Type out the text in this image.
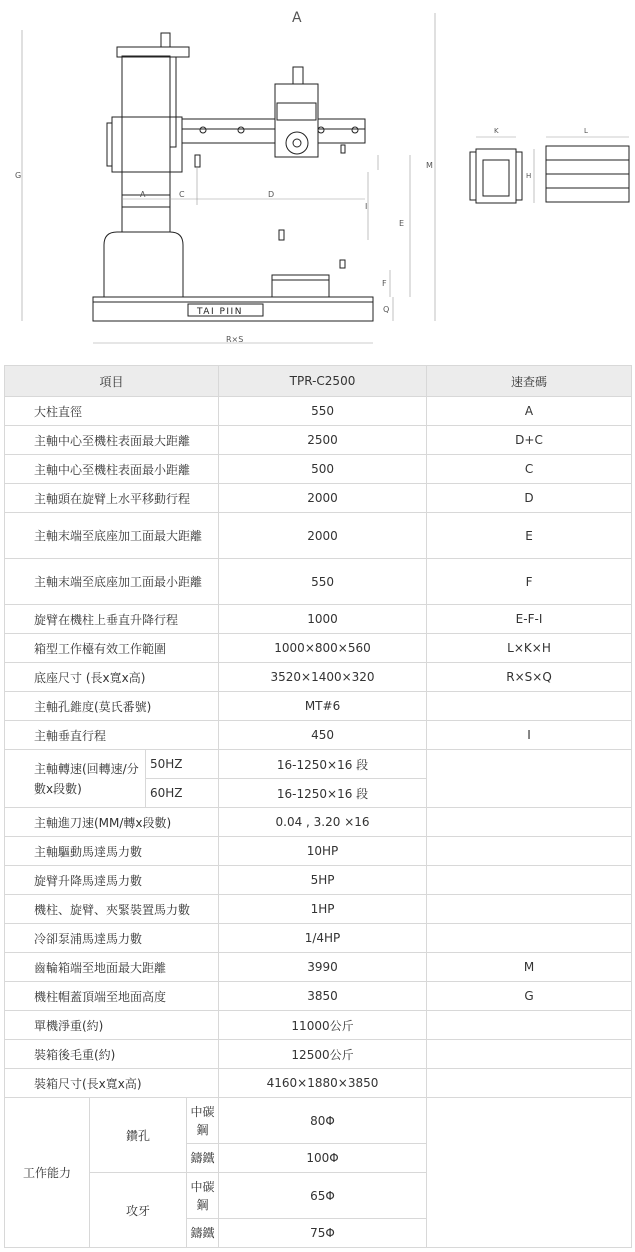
A
G
M
A	C	D
E
I
F
Q
R×S
TAI PIIN
K	L
H
項目				TPR-C2500	速查碼
大柱直徑				550	A
主軸中心至機柱表面最大距離				2500	D+C
主軸中心至機柱表面最小距離				500	C
主軸頭在旋臂上水平移動行程				2000	D
主軸末端至底座加工面最大距離				2000	E
主軸末端至底座加工面最小距離				550	F
旋臂在機柱上垂直升降行程				1000	E-F-I
箱型工作檯有效工作範圍				1000×800×560	L×K×H
底座尺寸 (長x寬x高)				3520×1400×320	R×S×Q
主軸孔錐度(莫氏番號)				MT#6	
主軸垂直行程				450	I
主軸轉速(回轉速/分數x段數)		50HZ		16-1250×16 段	
		60HZ		16-1250×16 段	
主軸進刀速(MM/轉x段數)				0.04 , 3.20 ×16	
主軸驅動馬達馬力數				10HP	
旋臂升降馬達馬力數				5HP	
機柱、旋臂、夾緊裝置馬力數				1HP	
冷卻泵浦馬達馬力數				1/4HP	
齒輪箱端至地面最大距離				3990	M
機柱帽蓋頂端至地面高度				3850	G
單機淨重(約)				11000公斤	
裝箱後毛重(約)				12500公斤	
裝箱尺寸(長x寬x高)				4160×1880×3850	
工作能力	鑽孔		中碳鋼	80Φ	
			鑄鐵	100Φ	
	攻牙		中碳鋼	65Φ	
			鑄鐵	75Φ	
